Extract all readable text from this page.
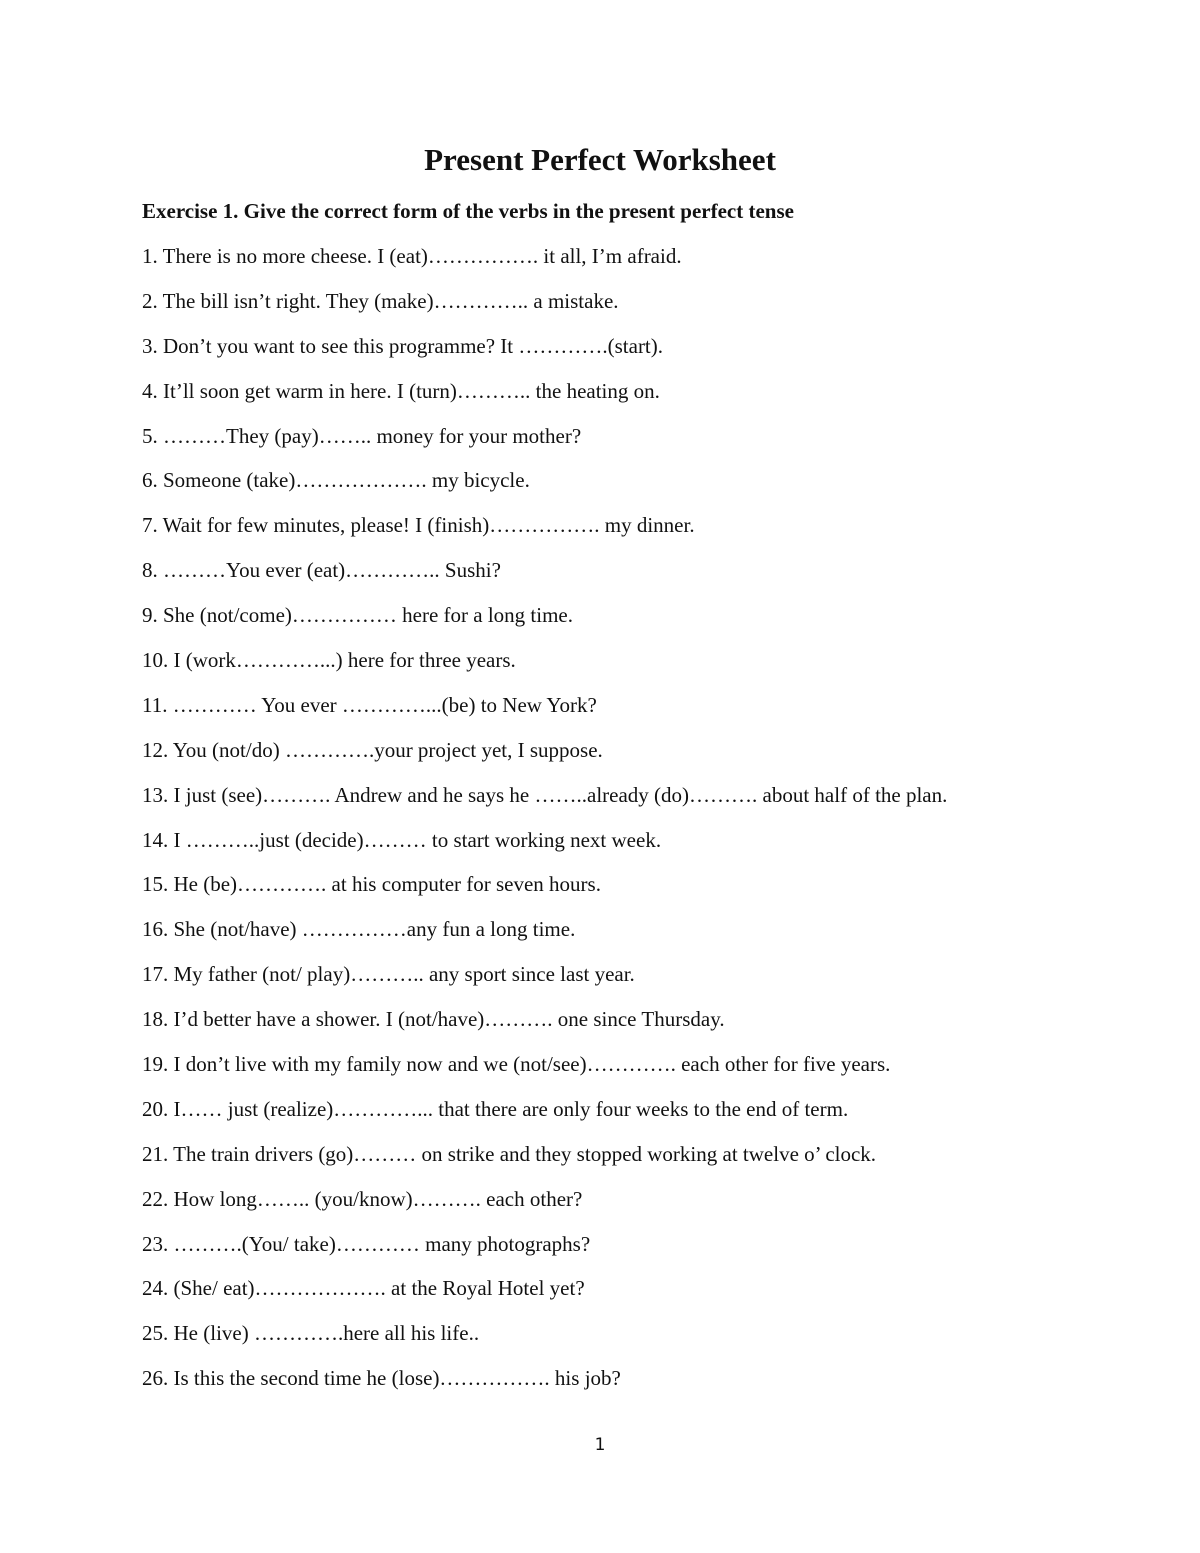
Present Perfect Worksheet

Exercise 1. Give the correct form of the verbs in the present perfect tense

1. There is no more cheese. I (eat)……………. it all, I’m afraid.
2. The bill isn’t right. They (make)………….. a mistake.
3. Don’t you want to see this programme? It ………….(start).
4. It’ll soon get warm in here. I (turn)……….. the heating on.
5. ………They (pay)…….. money for your mother?
6. Someone (take)………………. my bicycle.
7. Wait for few minutes, please! I (finish)……………. my dinner.
8. ………You ever (eat)………….. Sushi?
9. She (not/come)…………… here for a long time.
10. I (work…………...) here for three years.
11. ………… You ever …………...(be) to New York?
12. You (not/do) ………….your project yet, I suppose.
13. I just (see)………. Andrew and he says he ……..already (do)………. about half of the plan.
14. I ………..just (decide)……… to start working next week.
15. He (be)…………. at his computer for seven hours.
16. She (not/have) ……………any fun a long time.
17. My father (not/ play)……….. any sport since last year.
18. I’d better have a shower. I (not/have)………. one since Thursday.
19. I don’t live with my family now and we (not/see)…………. each other for five years.
20. I…… just (realize)…………... that there are only four weeks to the end of term.
21. The train drivers (go)……… on strike and they stopped working at twelve o’ clock.
22. How long…….. (you/know)………. each other?
23. ……….(You/ take)………… many photographs?
24. (She/ eat)………………. at the Royal Hotel yet?
25. He (live) ………….here all his life..
26. Is this the second time he (lose)……………. his job?
1
